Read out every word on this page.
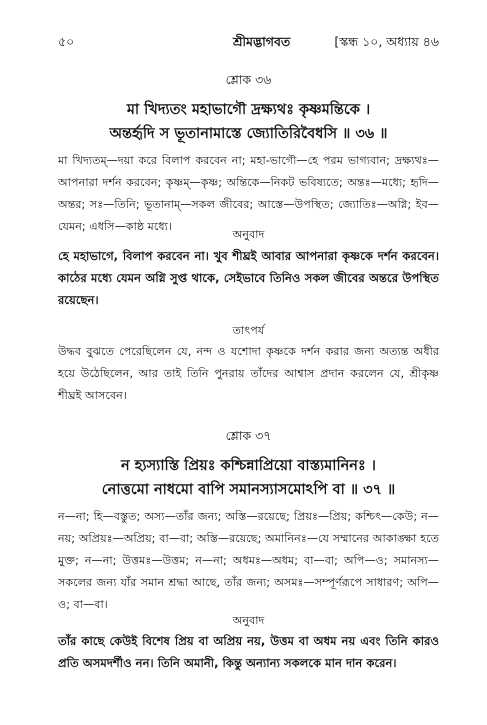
৫০	শ্রীমদ্ভাগবত	[স্কন্ধ ১০, অধ্যায় ৪৬
শ্লোক ৩৬
মা খিদ্যতং মহাভাগৌ দ্রক্ষ্যথঃ কৃষ্ণমন্তিকে ।
অন্তর্হৃদি স ভূতানামাস্তে জ্যোতিরিবৈধসি ॥ ৩৬ ॥
মা খিদ্যতম্—দয়া করে বিলাপ করবেন না; মহা-ভাগৌ—হে পরম ভাগ্যবান; দ্রক্ষ্যথঃ—আপনারা দর্শন করবেন; কৃষ্ণম্—কৃষ্ণ; অন্তিকে—নিকট ভবিষ্যতে; অন্তঃ—মধ্যে; হৃদি—অন্তর; সঃ—তিনি; ভূতানাম্—সকল জীবের; আস্তে—উপস্থিত; জ্যোতিঃ—অগ্নি; ইব—যেমন; এধসি—কাষ্ঠ মধ্যে।
অনুবাদ
হে মহাভাগে, বিলাপ করবেন না। খুব শীঘ্রই আবার আপনারা কৃষ্ণকে দর্শন করবেন। কাঠের মধ্যে যেমন অগ্নি সুপ্ত থাকে, সেইভাবে তিনিও সকল জীবের অন্তরে উপস্থিত রয়েছেন।
তাৎপর্য
উদ্ধব বুঝতে পেরেছিলেন যে, নন্দ ও যশোদা কৃষ্ণকে দর্শন করার জন্য অত্যন্ত অধীর হয়ে উঠেছিলেন, আর তাই তিনি পুনরায় তাঁদের আশ্বাস প্রদান করলেন যে, শ্রীকৃষ্ণ শীঘ্রই আসবেন।
শ্লোক ৩৭
ন হ্যস্যাস্তি প্রিয়ঃ কশ্চিন্নাপ্রিয়ো বাস্ত্যমানিনঃ ।
নোত্তমো নাধমো বাপি সমানস্যাসমোঽপি বা ॥ ৩৭ ॥
ন—না; হি—বস্তুত; অস্য—তাঁর জন্য; অস্তি—রয়েছে; প্রিয়ঃ—প্রিয়; কশ্চিৎ—কেউ; ন—নয়; অপ্রিয়ঃ—অপ্রিয়; বা—বা; অস্তি—রয়েছে; অমানিনঃ—যে সম্মানের আকাঙ্ক্ষা হতে মুক্ত; ন—না; উত্তমঃ—উত্তম; ন—না; অধমঃ—অধম; বা—বা; অপি—ও; সমানস্য—সকলের জন্য যাঁর সমান শ্রদ্ধা আছে, তাঁর জন্য; অসমঃ—সম্পূর্ণরূপে সাধারণ; অপি—ও; বা—বা।
অনুবাদ
তাঁর কাছে কেউই বিশেষ প্রিয় বা অপ্রিয় নয়, উত্তম বা অধম নয় এবং তিনি কারও প্রতি অসমদর্শীও নন। তিনি অমানী, কিন্তু অন্যান্য সকলকে মান দান করেন।
